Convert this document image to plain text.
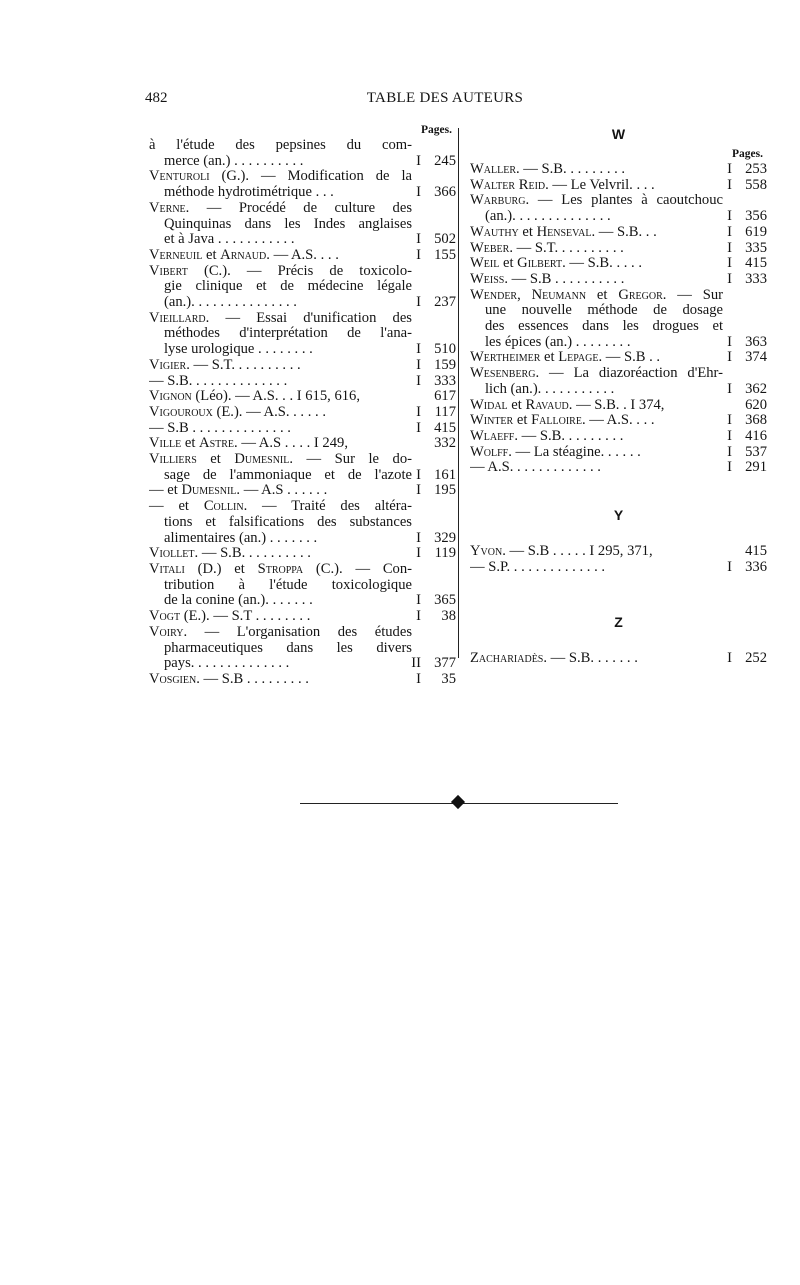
482	TABLE DES AUTEURS
Pages.
à l'étude des pepsines du com-
merce (an.) . . . . . . . . . .	I 245
Venturoli (G.). — Modification de la
méthode hydrotimétrique . . .	I 366
Verne. — Procédé de culture des
Quinquinas dans les Indes anglaises
et à Java . . . . . . . . . . .	I 502
Verneuil et Arnaud. — A.S. . . .	I 155
Vibert (C.). — Précis de toxicolo-
gie clinique et de médecine légale
(an.). . . . . . . . . . . . . . .	I 237
Vieillard. — Essai d'unification des
méthodes d'interprétation de l'ana-
lyse urologique . . . . . . . .	I 510
Vigier. — S.T. . . . . . . . . .	I 159
— S.B. . . . . . . . . . . . . .	I 333
Vignon (Léo). — A.S. . . I 615, 616,	617
Vigouroux (E.). — A.S. . . . . .	I 117
— S.B . . . . . . . . . . . . . .	I 415
Ville et Astre. — A.S . . . . I 249,	332
Villiers et Dumesnil. — Sur le do-
sage de l'ammoniaque et de l'azote I 161
— et Dumesnil. — A.S . . . . . .	I 195
— et Collin. — Traité des altéra-
tions et falsifications des substances
alimentaires (an.) . . . . . . .	I 329
Viollet. — S.B. . . . . . . . . .	I 119
Vitali (D.) et Stroppa (C.). — Con-
tribution à l'étude toxicologique
de la conine (an.). . . . . . .	I 365
Vogt (E.). — S.T . . . . . . . .	I 38
Voiry. — L'organisation des études
pharmaceutiques dans les divers
pays. . . . . . . . . . . . . .	II 377
Vosgien. — S.B . . . . . . . . .	I 35
W
Pages.
Waller. — S.B. . . . . . . . .	I 253
Walter Reid. — Le Velvril. . . .	I 558
Warburg. — Les plantes à caoutchouc
(an.). . . . . . . . . . . . . .	I 356
Wauthy et Henseval. — S.B. . .	I 619
Weber. — S.T. . . . . . . . . .	I 335
Weil et Gilbert. — S.B. . . . .	I 415
Weiss. — S.B . . . . . . . . . .	I 333
Wender, Neumann et Gregor. — Sur
une nouvelle méthode de dosage
des essences dans les drogues et
les épices (an.) . . . . . . . .	I 363
Wertheimer et Lepage. — S.B . .	I 374
Wesenberg. — La diazoréaction d'Ehr-
lich (an.). . . . . . . . . . .	I 362
Widal et Ravaud. — S.B. . I 374,	620
Winter et Falloire. — A.S. . . .	I 368
Wlaeff. — S.B. . . . . . . . .	I 416
Wolff. — La stéagine. . . . . .	I 537
— A.S. . . . . . . . . . . . .	I 291
Y
Yvon. — S.B . . . . . I 295, 371,	415
— S.P. . . . . . . . . . . . . .	I 336
Z
Zachariadès. — S.B. . . . . . .	I 252
